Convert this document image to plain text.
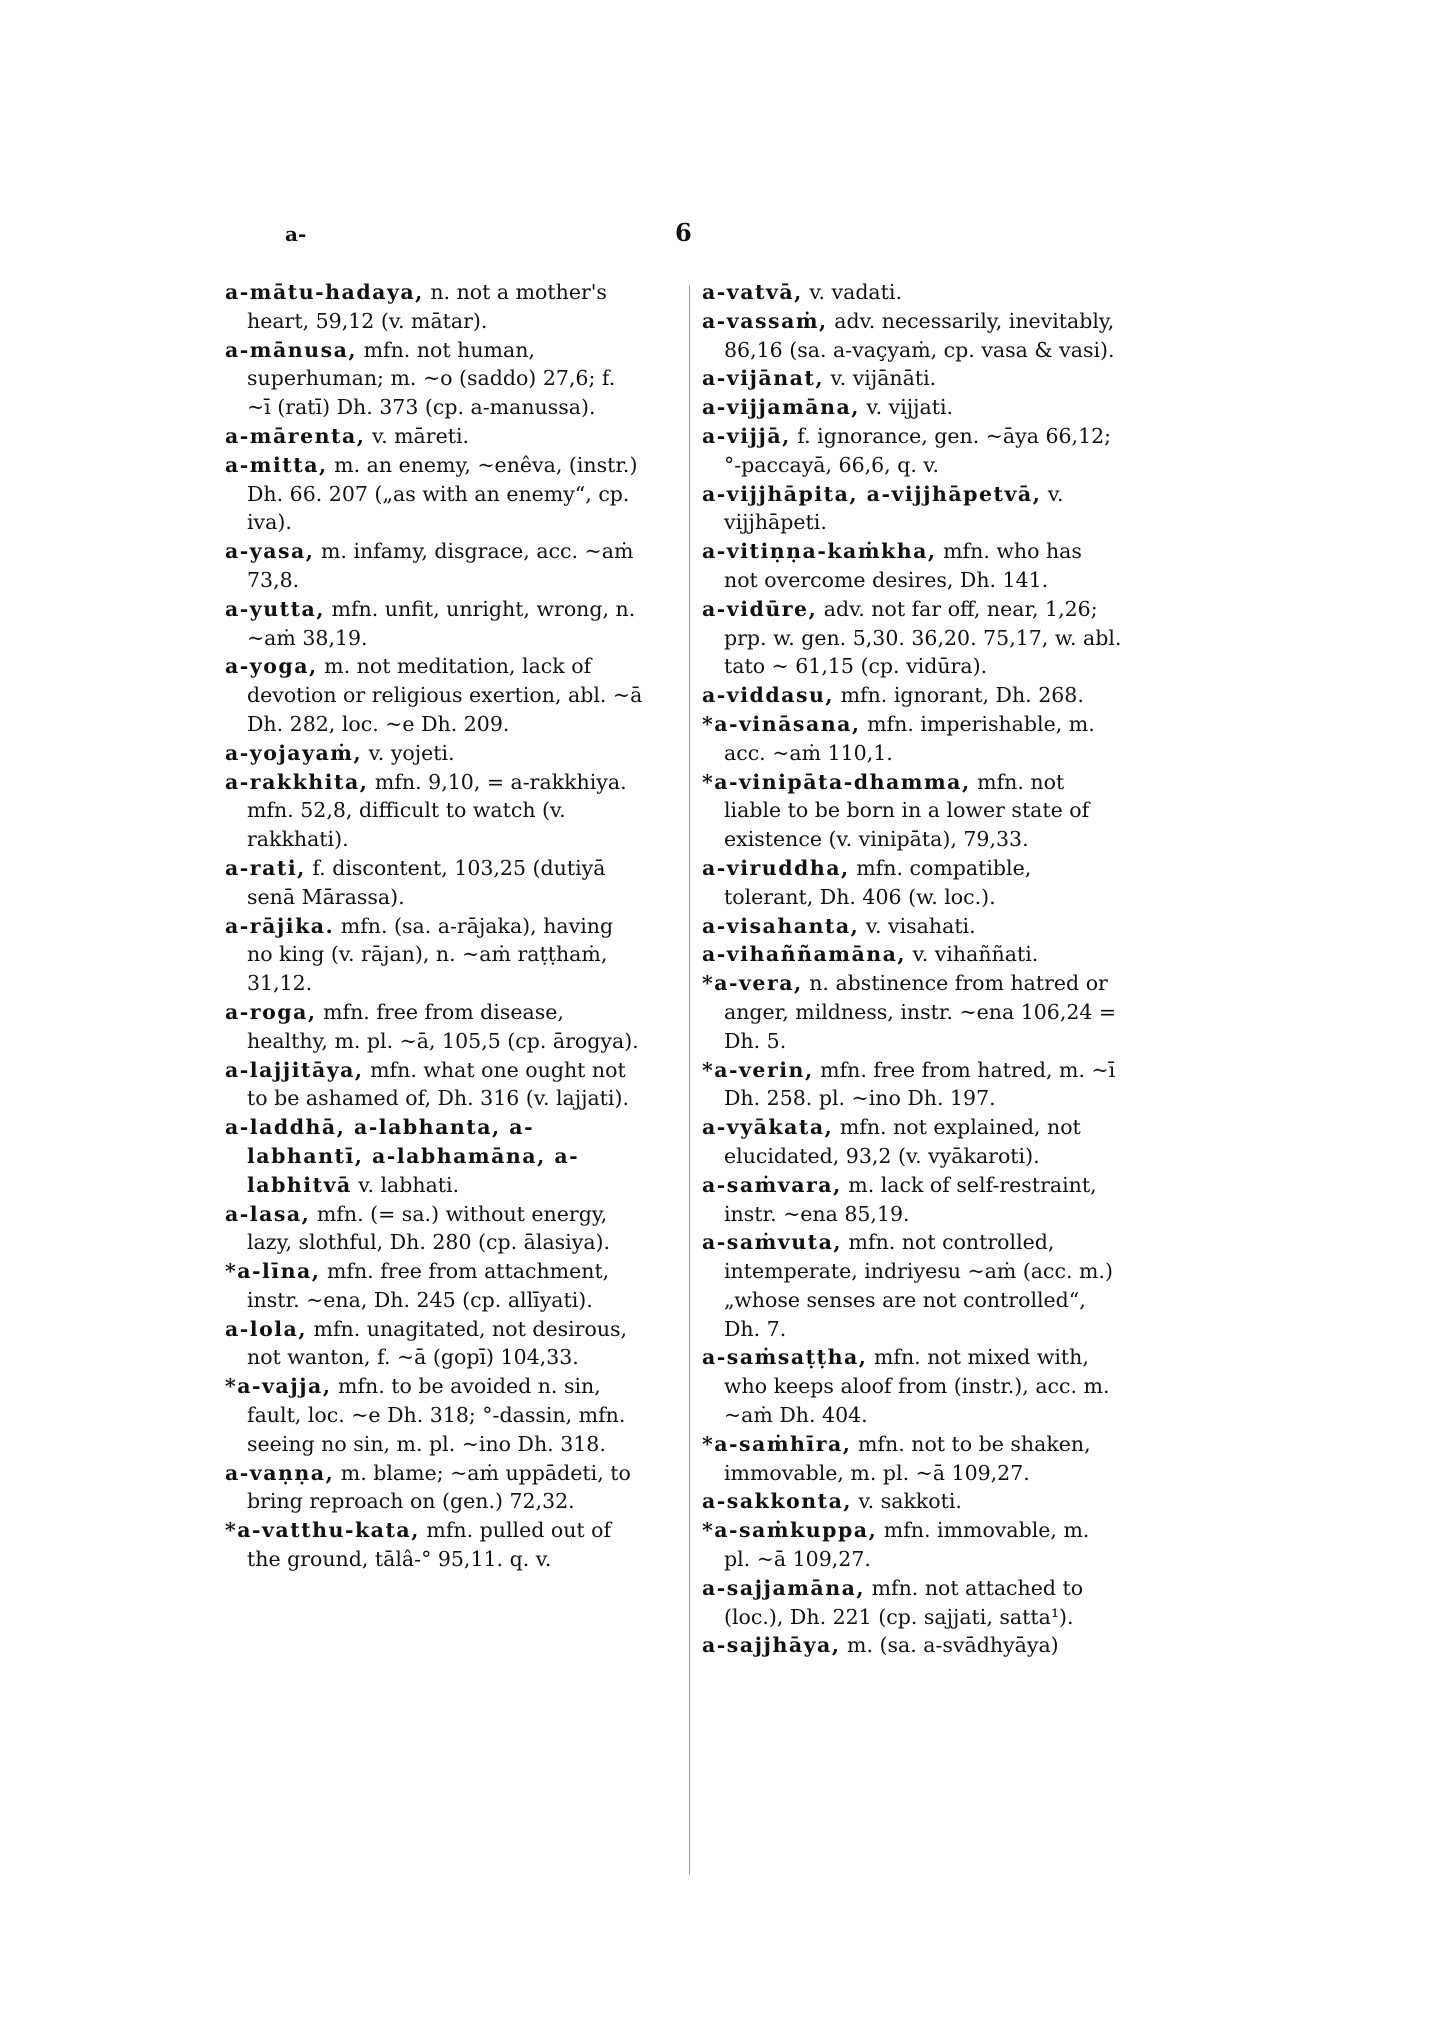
a-	6

a-mātu-hadaya, n. not a mother's heart, 59,12 (v. mātar).

a-mānusa, mfn. not human, superhuman; m. ~o (saddo) 27,6; f. ~ī (ratī) Dh. 373 (cp. a-manussa).

a-mārenta, v. māreti.

a-mitta, m. an enemy, ~enêva, (instr.) Dh. 66. 207 („as with an enemy“, cp. iva).

a-yasa, m. infamy, disgrace, acc. ~aṁ 73,8.

a-yutta, mfn. unfit, unright, wrong, n. ~aṁ 38,19.

a-yoga, m. not meditation, lack of devotion or religious exertion, abl. ~ā Dh. 282, loc. ~e Dh. 209.

a-yojayaṁ, v. yojeti.

a-rakkhita, mfn. 9,10, = a-rakkhiya. mfn. 52,8, difficult to watch (v. rakkhati).

a-rati, f. discontent, 103,25 (dutiyā senā Mārassa).

a-rājika. mfn. (sa. a-rājaka), having no king (v. rājan), n. ~aṁ raṭṭhaṁ, 31,12.

a-roga, mfn. free from disease, healthy, m. pl. ~ā, 105,5 (cp. ārogya).

a-lajjitāya, mfn. what one ought not to be ashamed of, Dh. 316 (v. lajjati).

a-laddhā, a-labhanta, a-labhantī, a-labhamāna, a-labhitvā v. labhati.

a-lasa, mfn. (= sa.) without energy, lazy, slothful, Dh. 280 (cp. ālasiya).

*a-līna, mfn. free from attachment, instr. ~ena, Dh. 245 (cp. allīyati).

a-lola, mfn. unagitated, not desirous, not wanton, f. ~ā (gopī) 104,33.

*a-vajja, mfn. to be avoided n. sin, fault, loc. ~e Dh. 318; °-dassin, mfn. seeing no sin, m. pl. ~ino Dh. 318.

a-vaṇṇa, m. blame; ~aṁ uppādeti, to bring reproach on (gen.) 72,32.

*a-vatthu-kata, mfn. pulled out of the ground, tālâ-° 95,11. q. v.

a-vatvā, v. vadati.

a-vassaṁ, adv. necessarily, inevitably, 86,16 (sa. a-vaçyaṁ, cp. vasa & vasi).

a-vijānat, v. vijānāti.

a-vijjamāna, v. vijjati.

a-vijjā, f. ignorance, gen. ~āya 66,12; °-paccayā, 66,6, q. v.

a-vijjhāpita, a-vijjhāpetvā, v. vijjhāpeti.

a-vitiṇṇa-kaṁkha, mfn. who has not overcome desires, Dh. 141.

a-vidūre, adv. not far off, near, 1,26; prp. w. gen. 5,30. 36,20. 75,17, w. abl. tato ~ 61,15 (cp. vidūra).

a-viddasu, mfn. ignorant, Dh. 268.

*a-vināsana, mfn. imperishable, m. acc. ~aṁ 110,1.

*a-vinipāta-dhamma, mfn. not liable to be born in a lower state of existence (v. vinipāta), 79,33.

a-viruddha, mfn. compatible, tolerant, Dh. 406 (w. loc.).

a-visahanta, v. visahati.

a-vihaññamāna, v. vihaññati.

*a-vera, n. abstinence from hatred or anger, mildness, instr. ~ena 106,24 = Dh. 5.

*a-verin, mfn. free from hatred, m. ~ī Dh. 258. pl. ~ino Dh. 197.

a-vyākata, mfn. not explained, not elucidated, 93,2 (v. vyākaroti).

a-saṁvara, m. lack of self-restraint, instr. ~ena 85,19.

a-saṁvuta, mfn. not controlled, intemperate, indriyesu ~aṁ (acc. m.) „whose senses are not controlled“, Dh. 7.

a-saṁsaṭṭha, mfn. not mixed with, who keeps aloof from (instr.), acc. m. ~aṁ Dh. 404.

*a-saṁhīra, mfn. not to be shaken, immovable, m. pl. ~ā 109,27.

a-sakkonta, v. sakkoti.

*a-saṁkuppa, mfn. immovable, m. pl. ~ā 109,27.

a-sajjamāna, mfn. not attached to (loc.), Dh. 221 (cp. sajjati, satta¹).

a-sajjhāya, m. (sa. a-svādhyāya)
